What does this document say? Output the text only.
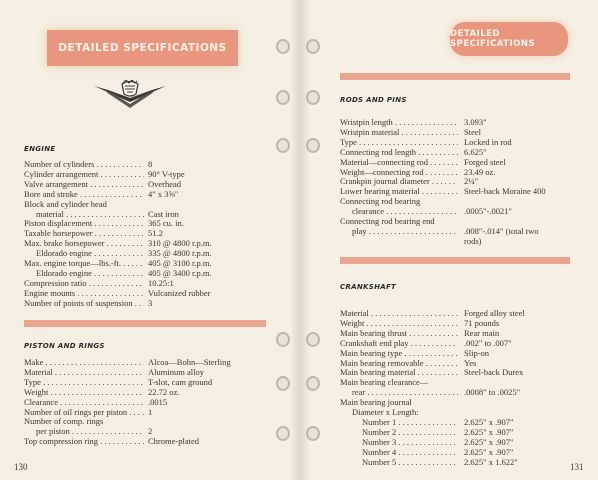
DETAILED SPECIFICATIONS
ENGINE
Number of cylinders . . .	8
Cylinder arrangement . . .	90° V-type
Valve arrangement . . .	Overhead
Bore and stroke . . .	4" x 3⅝"
Block and cylinder head
material . . .	Cast iron
Piston displacement . . .	365 cu. in.
Taxable horsepower . . .	51.2
Max. brake horsepower . . .	310 @ 4800 r.p.m.
Eldorado engine . . .	335 @ 4800 r.p.m.
Max. engine torque—lbs.-ft. . . .	405 @ 3100 r.p.m.
Eldorado engine . . .	405 @ 3400 r.p.m.
Compression ratio . . .	10.25:1
Engine mounts . . .	Vulcanized rubber
Number of points of suspension . . .	3
PISTON AND RINGS
Make . . .	Alcoa—Bohn—Sterling
Material . . .	Aluminum alloy
Type . . .	T-slot, cam ground
Weight . . .	22.72 oz.
Clearance . . .	.0015
Number of oil rings per piston . . .	1
Number of comp. rings
per piston . . .	2
Top compression ring . . .	Chrome-plated
130
DETAILED SPECIFICATIONS
RODS AND PINS
Wristpin length . . .	3.093"
Wristpin material . . .	Steel
Type . . .	Locked in rod
Connecting rod length . . .	6.625"
Material—connecting rod . . .	Forged steel
Weight—connecting rod . . .	23.49 oz.
Crankpin journal diameter . . .	2¼"
Lower bearing material . . .	Steel-back Moraine 400
Connecting rod bearing
clearance . . .	.0005"-.0021"
Connecting rod bearing end
play . . .	.008"-.014" (total two
rods)
CRANKSHAFT
Material . . .	Forged alloy steel
Weight . . .	71 pounds
Main bearing thrust . . .	Rear main
Crankshaft end play . . .	.002" to .007"
Main bearing type . . .	Slip-on
Main bearing removable . . .	Yes
Main bearing material . . .	Steel-back Durex
Main bearing clearance—
rear . . .	.0008" to .0025"
Main bearing journal
Diameter x Length:
Number 1 . . .	2.625" x .907"
Number 2 . . .	2.625" x .907"
Number 3 . . .	2.625" x .907"
Number 4 . . .	2.625" x .907"
Number 5 . . .	2.625" x 1.622"
131
